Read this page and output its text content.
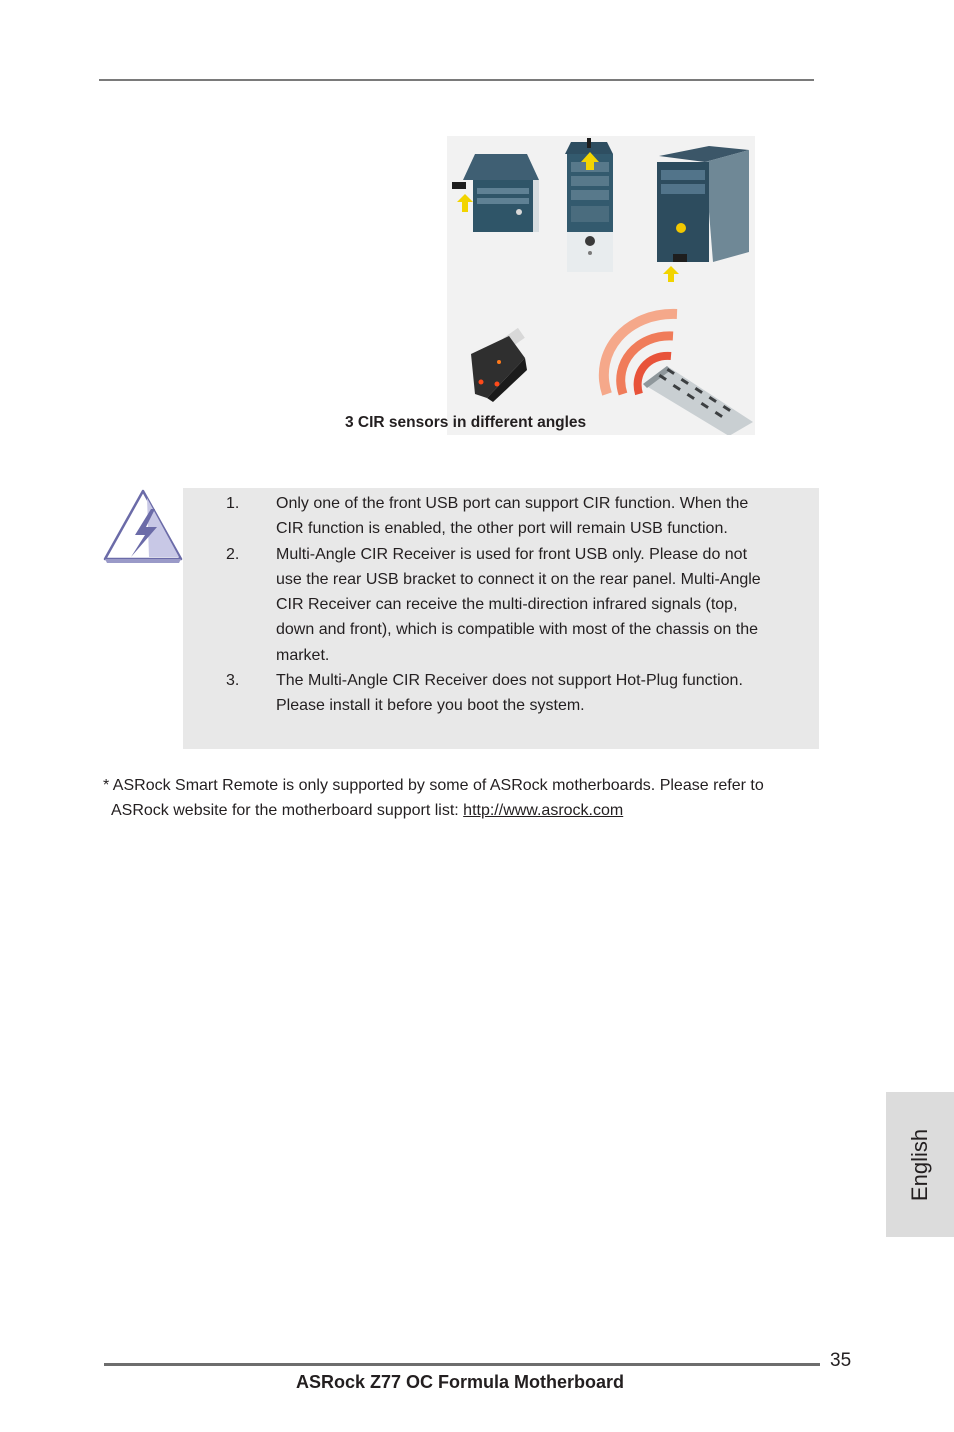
3 CIR sensors in different angles
1. Only one of the front USB port can support CIR function. When the CIR function is enabled, the other port will remain USB function.
2. Multi-Angle CIR Receiver is used for front USB only. Please do not use the rear USB bracket to connect it on the rear panel. Multi-Angle CIR Receiver can receive the multi-direction infrared signals (top, down and front), which is compatible with most of the chassis on the market.
3. The Multi-Angle CIR Receiver does not support Hot-Plug function. Please install it before you boot the system.
* ASRock Smart Remote is only supported by some of ASRock motherboards. Please refer to
ASRock website for the motherboard support list: http://www.asrock.com
English
35
ASRock Z77 OC Formula Motherboard
